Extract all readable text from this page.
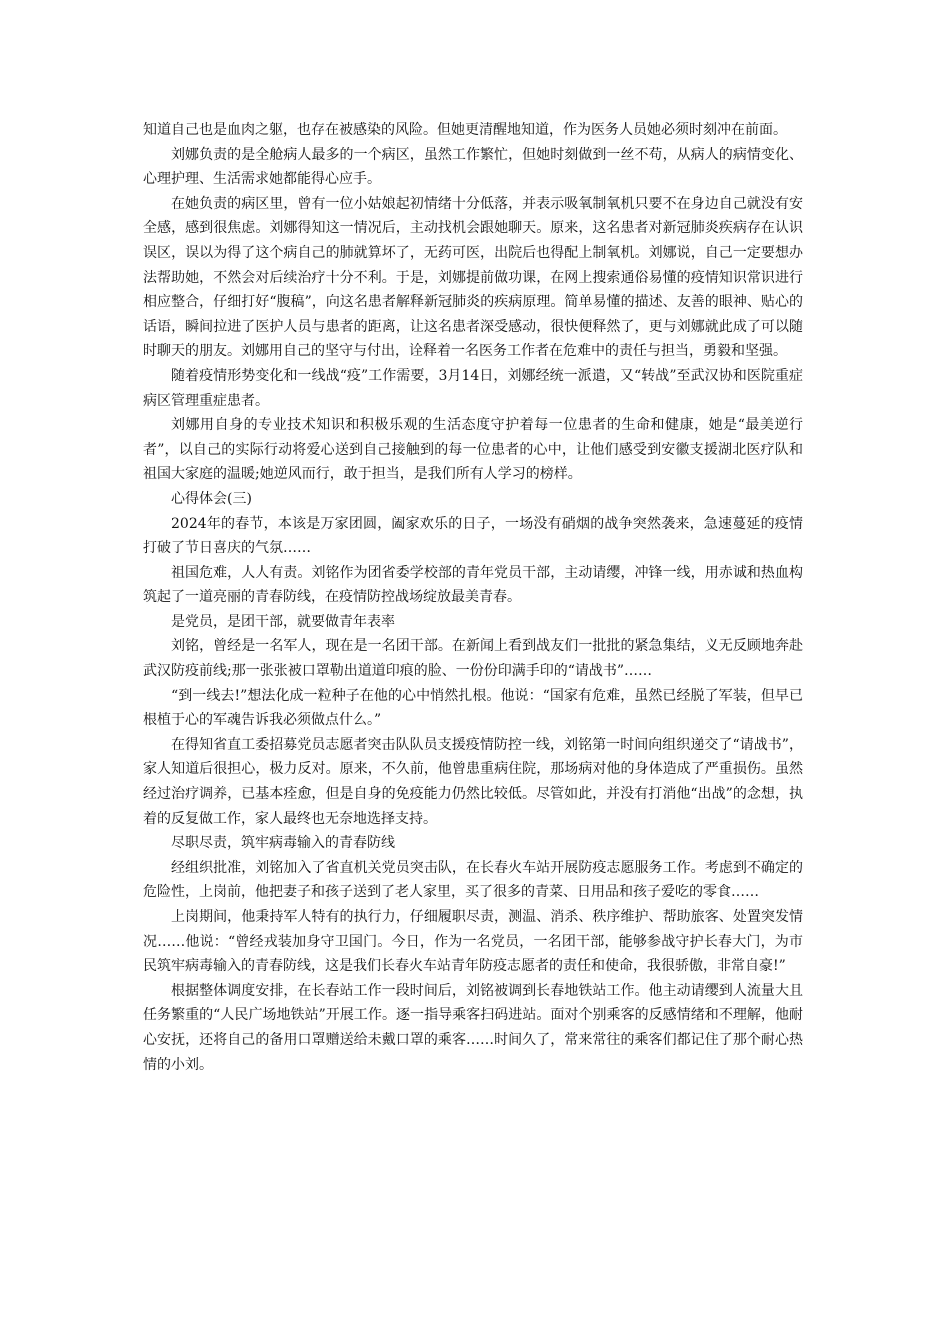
知道自己也是血肉之躯，也存在被感染的风险。但她更清醒地知道，作为医务人员她必须时刻冲在前面。

刘娜负责的是全舱病人最多的一个病区，虽然工作繁忙，但她时刻做到一丝不苟，从病人的病情变化、心理护理、生活需求她都能得心应手。

在她负责的病区里，曾有一位小姑娘起初情绪十分低落，并表示吸氧制氧机只要不在身边自己就没有安全感，感到很焦虑。刘娜得知这一情况后，主动找机会跟她聊天。原来，这名患者对新冠肺炎疾病存在认识误区，误以为得了这个病自己的肺就算坏了，无药可医，出院后也得配上制氧机。刘娜说，自己一定要想办法帮助她，不然会对后续治疗十分不利。于是，刘娜提前做功课，在网上搜索通俗易懂的疫情知识常识进行相应整合，仔细打好“腹稿”，向这名患者解释新冠肺炎的疾病原理。简单易懂的描述、友善的眼神、贴心的话语，瞬间拉进了医护人员与患者的距离，让这名患者深受感动，很快便释然了，更与刘娜就此成了可以随时聊天的朋友。刘娜用自己的坚守与付出，诠释着一名医务工作者在危难中的责任与担当，勇毅和坚强。

随着疫情形势变化和一线战“疫”工作需要，3月14日，刘娜经统一派遣，又“转战”至武汉协和医院重症病区管理重症患者。

刘娜用自身的专业技术知识和积极乐观的生活态度守护着每一位患者的生命和健康，她是“最美逆行者”，以自己的实际行动将爱心送到自己接触到的每一位患者的心中，让他们感受到安徽支援湖北医疗队和祖国大家庭的温暖;她逆风而行，敢于担当，是我们所有人学习的榜样。

心得体会(三)

2024年的春节，本该是万家团圆，阖家欢乐的日子，一场没有硝烟的战争突然袭来，急速蔓延的疫情打破了节日喜庆的气氛……

祖国危难，人人有责。刘铭作为团省委学校部的青年党员干部，主动请缨，冲锋一线，用赤诚和热血构筑起了一道亮丽的青春防线，在疫情防控战场绽放最美青春。

是党员，是团干部，就要做青年表率

刘铭，曾经是一名军人，现在是一名团干部。在新闻上看到战友们一批批的紧急集结，义无反顾地奔赴武汉防疫前线;那一张张被口罩勒出道道印痕的脸、一份份印满手印的“请战书”……

“到一线去!”想法化成一粒种子在他的心中悄然扎根。他说：“国家有危难，虽然已经脱了军装，但早已根植于心的军魂告诉我必须做点什么。”

在得知省直工委招募党员志愿者突击队队员支援疫情防控一线，刘铭第一时间向组织递交了“请战书”，家人知道后很担心，极力反对。原来，不久前，他曾患重病住院，那场病对他的身体造成了严重损伤。虽然经过治疗调养，已基本痊愈，但是自身的免疫能力仍然比较低。尽管如此，并没有打消他“出战”的念想，执着的反复做工作，家人最终也无奈地选择支持。

尽职尽责，筑牢病毒输入的青春防线

经组织批准，刘铭加入了省直机关党员突击队，在长春火车站开展防疫志愿服务工作。考虑到不确定的危险性，上岗前，他把妻子和孩子送到了老人家里，买了很多的青菜、日用品和孩子爱吃的零食……

上岗期间，他秉持军人特有的执行力，仔细履职尽责，测温、消杀、秩序维护、帮助旅客、处置突发情况……他说：“曾经戎装加身守卫国门。今日，作为一名党员，一名团干部，能够参战守护长春大门，为市民筑牢病毒输入的青春防线，这是我们长春火车站青年防疫志愿者的责任和使命，我很骄傲，非常自豪!”

根据整体调度安排，在长春站工作一段时间后，刘铭被调到长春地铁站工作。他主动请缨到人流量大且任务繁重的“人民广场地铁站”开展工作。逐一指导乘客扫码进站。面对个别乘客的反感情绪和不理解，他耐心安抚，还将自己的备用口罩赠送给未戴口罩的乘客……时间久了，常来常往的乘客们都记住了那个耐心热情的小刘。
